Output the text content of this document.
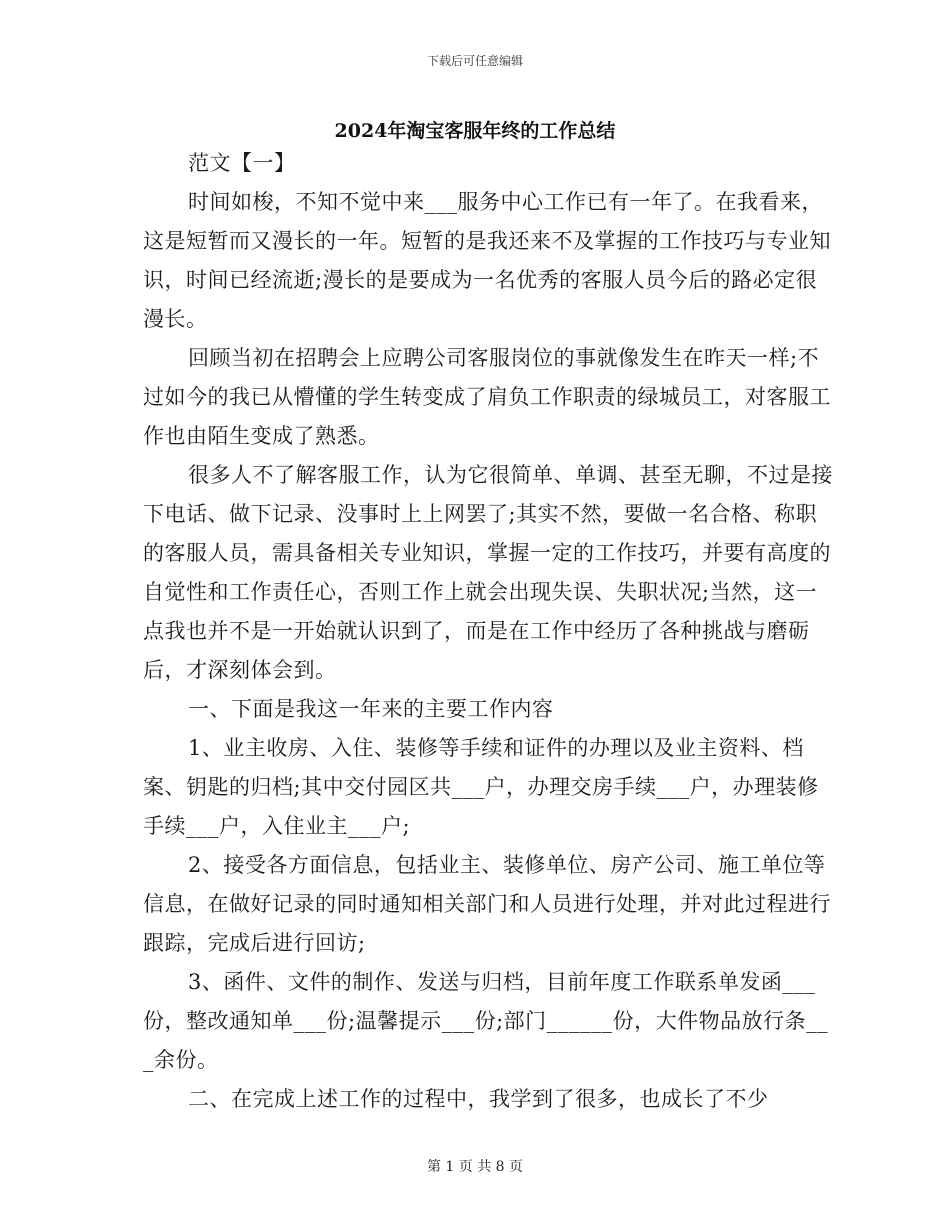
下载后可任意编辑
2024年淘宝客服年终的工作总结

范文【一】

时间如梭，不知不觉中来___服务中心工作已有一年了。在我看来，这是短暂而又漫长的一年。短暂的是我还来不及掌握的工作技巧与专业知识，时间已经流逝;漫长的是要成为一名优秀的客服人员今后的路必定很漫长。

回顾当初在招聘会上应聘公司客服岗位的事就像发生在昨天一样;不过如今的我已从懵懂的学生转变成了肩负工作职责的绿城员工，对客服工作也由陌生变成了熟悉。

很多人不了解客服工作，认为它很简单、单调、甚至无聊，不过是接下电话、做下记录、没事时上上网罢了;其实不然，要做一名合格、称职的客服人员，需具备相关专业知识，掌握一定的工作技巧，并要有高度的自觉性和工作责任心，否则工作上就会出现失误、失职状况;当然，这一点我也并不是一开始就认识到了，而是在工作中经历了各种挑战与磨砺后，才深刻体会到。

一、下面是我这一年来的主要工作内容

1、业主收房、入住、装修等手续和证件的办理以及业主资料、档案、钥匙的归档;其中交付园区共___户，办理交房手续___户，办理装修手续___户，入住业主___户;

2、接受各方面信息，包括业主、装修单位、房产公司、施工单位等信息，在做好记录的同时通知相关部门和人员进行处理，并对此过程进行跟踪，完成后进行回访;

3、函件、文件的制作、发送与归档，目前年度工作联系单发函___份，整改通知单___份;温馨提示___份;部门______份，大件物品放行条___余份。

二、在完成上述工作的过程中，我学到了很多，也成长了不少

第 1 页 共 8 页
